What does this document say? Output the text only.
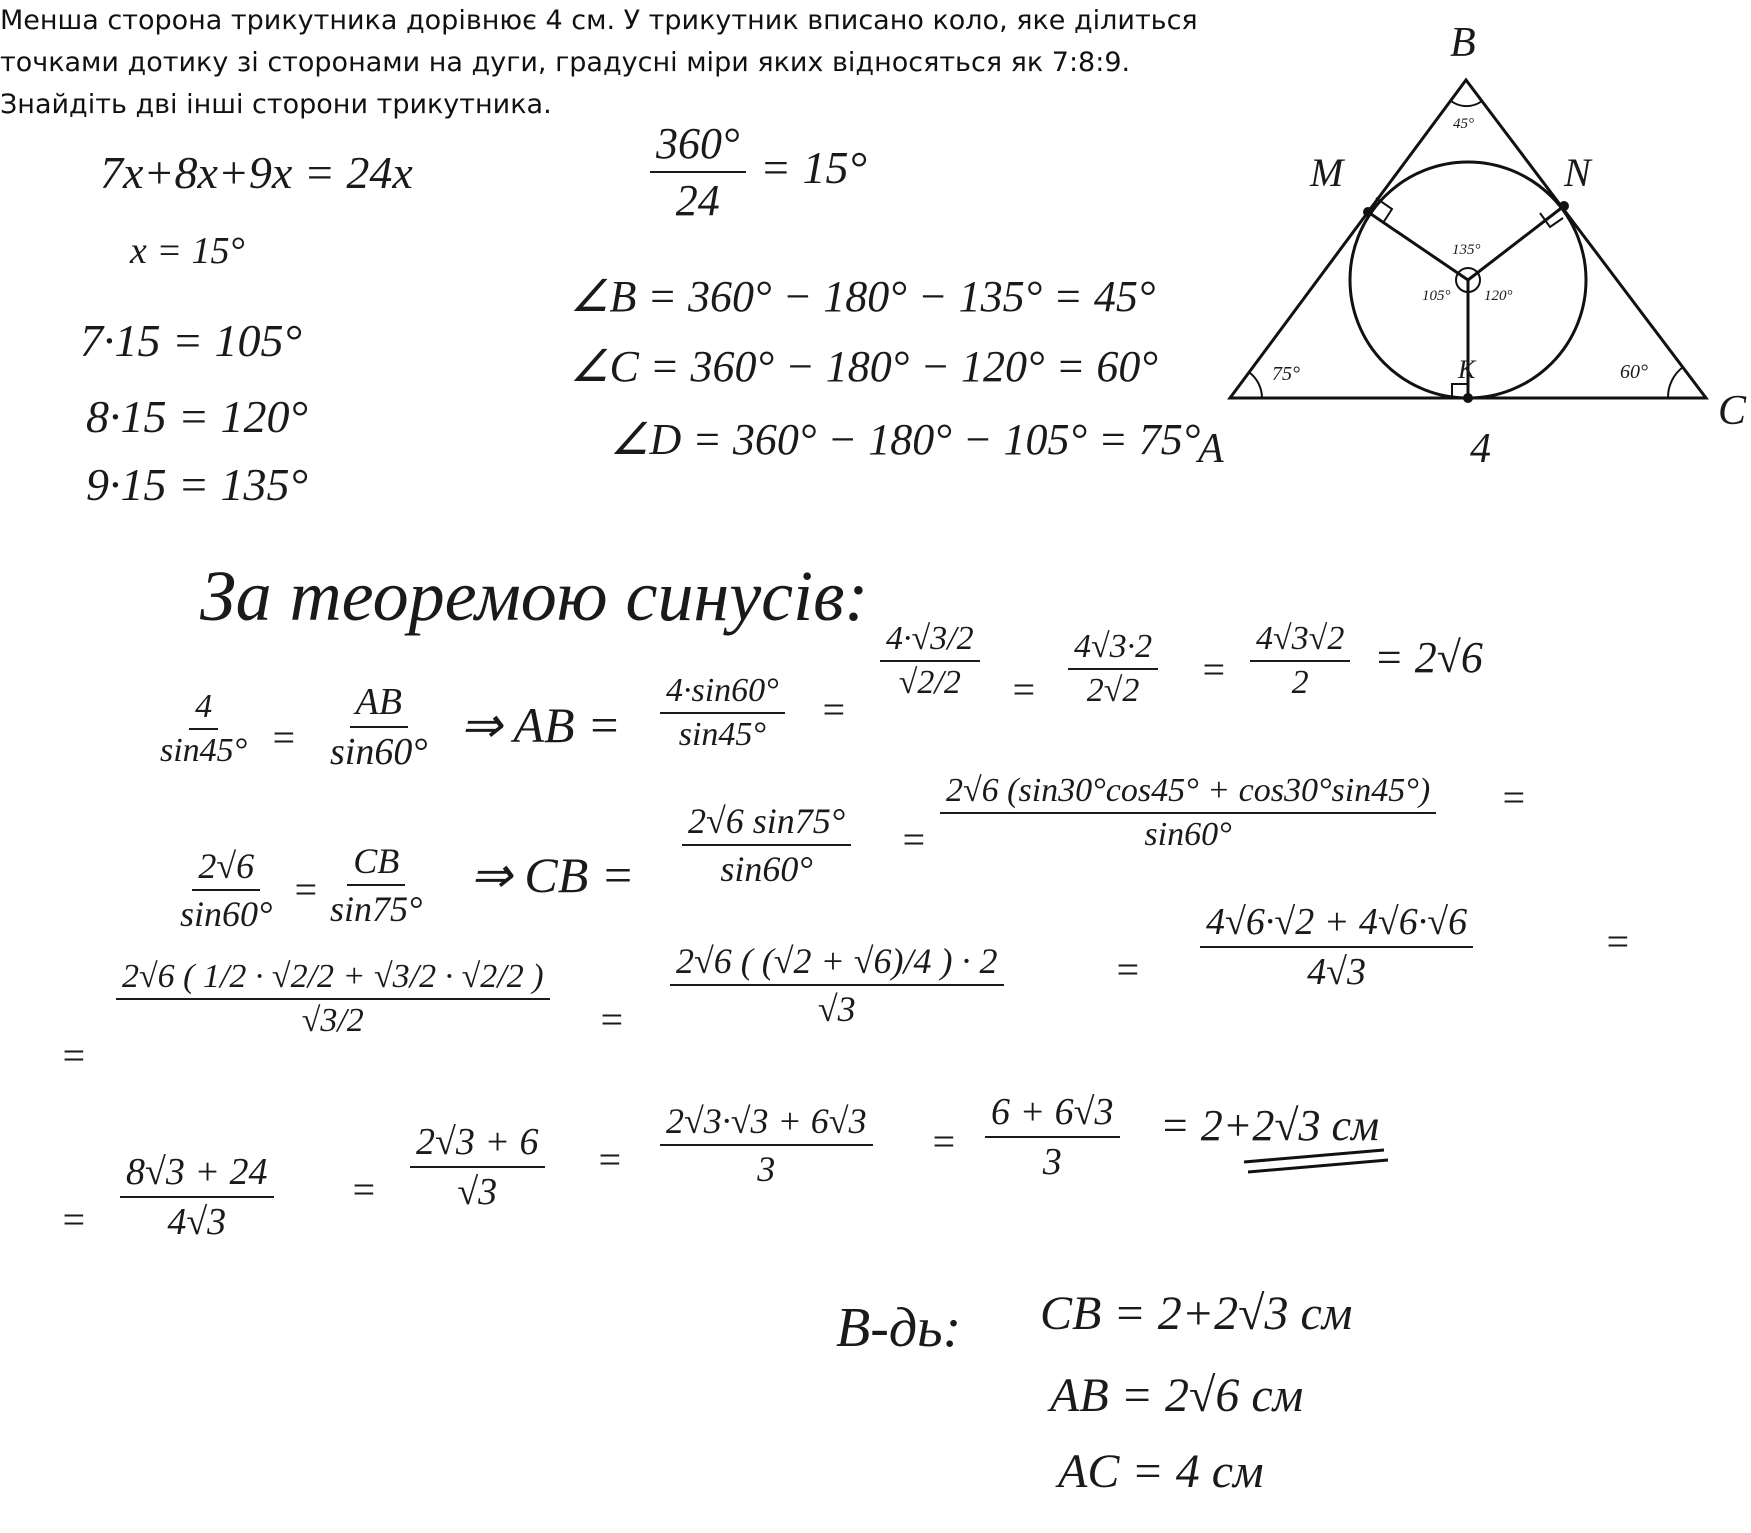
Менша сторона трикутника дорівнює 4 см. У трикутник вписано коло, яке ділиться
точками дотику зі сторонами на дуги, градусні міри яких відносяться як 7:8:9.
Знайдіть дві інші сторони трикутника.
B
A
C
M	N
K
75°
45°
60°
135°
105° 120°
4
7x+8x+9x = 24x
x = 15°
7·15 = 105°
8·15 = 120°
9·15 = 135°
$\frac{360^\circ}{24} = 15^\circ$
∠B = 360° − 180° − 135° = 45°
∠C = 360° − 180° − 120° = 60°
∠D = 360° − 180° − 105° = 75°
За теоремою синусів:
$\frac{4}{\sin 45^\circ} = \frac{AB}{\sin 60^\circ}$ ⇒ AB = $\frac{4\cdot\sin 60^\circ}{\sin 45^\circ}$ =
$\frac{4\cdot√3/2}{√2/2} = \frac{4√3\cdot 2}{2√2} = \frac{4√3√2}{2} = 2√6$
$\frac{2√6}{\sin 60^\circ} = \frac{CB}{\sin 75^\circ}$ ⇒ CB = $\frac{2√6 \sin 75^\circ}{\sin 60^\circ} = \frac{2√6 (\sin 30^\circ\cos 45^\circ + \cos 30^\circ\sin 45^\circ)}{\sin 60^\circ}$ =
=
$\frac{2√6 ( 1/2 \cdot √2/2 + √3/2 \cdot √2/2 )}{√3/2} = \frac{2√6 ( (√2 + √6)/4 ) \cdot 2}{√3}$	= $\frac{4√6\cdot√2 + 4√6\cdot√6}{4√3}$	=
= $\frac{8√3 + 24}{4√3} = \frac{2√3 + 6}{√3} = \frac{2√3\cdot√3 + 6√3}{3} = \frac{6 + 6√3}{3} = 2+2√3$ см
В-дь: CB = 2+2√3 см
AB = 2√6 см
AC = 4 см
